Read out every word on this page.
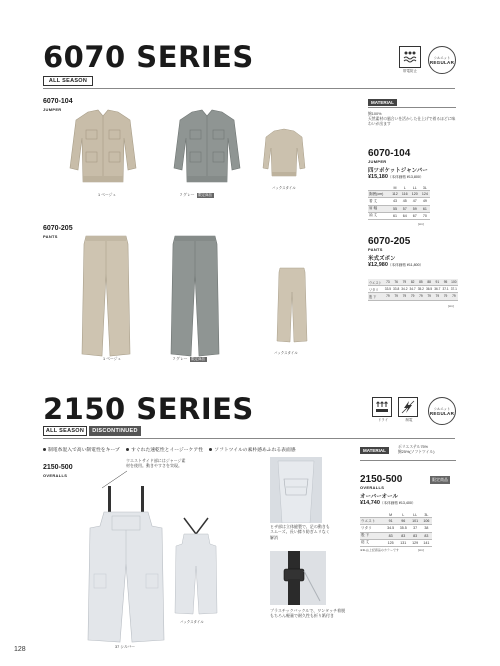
6070 SERIES
ALL SEASON
帯電防止
シルエット
REGULAR
6070-104
JUMPER
1 ベージュ	7 グレー 限定商品
バックスタイル
6070-205
PANTS
1 ベージュ	7 グレー 限定商品
バックスタイル
MATERIAL
綿100%
天然素材の風合いを活かした仕上げで着るほどに味わいが出ます
6070-104
JUMPER
四ツポケットジャンパー
¥15,180（本体価格 ¥13,800）
	M	L	LL	3L
胸囲(cm)	112	116	120	124
着 丈	43	45	47	49
肩 幅	55	57	59	61
袖 丈	61	64	67	70
[cm]
6070-205
PANTS
米式ズボン
¥12,980（本体価格 ¥11,800）
ウエスト	73	76	79	82	85	88	91	95	100
ワタリ	33.5	33.8	34.2	34.7	35.2	36.5	36.7	37.1	37.1
股 下	79	79	79	79	79	79	79	79	79
[cm]
2150 SERIES
ALL SEASON	DISCONTINUED
ドライ	制電
シルエット
REGULAR
制電糸混入で高い制電性をキープ すぐれた速乾性とイージーケア性 ソフトツイルの素朴感あふれる表面感	MATERIAL
ポリエステル75%
綿25%(ソフトツイル)
2150-500
OVERALLS
ウエストサイド部にはジャージ素材を使用。動きやすさを実現。
37 シルバー
バックスタイル
ヒザ部は立体縫製で、足の動きもスムーズ。長い膝り防ぎムリなく解消
プラスチックバックルで、ワンタッチ着脱
もちろん軽量で耐久性も折り紙付き
2150-500	限定商品
OVERALLS
オーバーオール
¥14,740（本体価格 ¥13,400）
	M	L	LL	3L
ウエスト	91	96	101	106
ワタリ	34.5	35.5	37	38
股 下	83	83	83	83
総 丈	125	131	129	141
※3Lは上記商品のカラーです	[cm]
128
